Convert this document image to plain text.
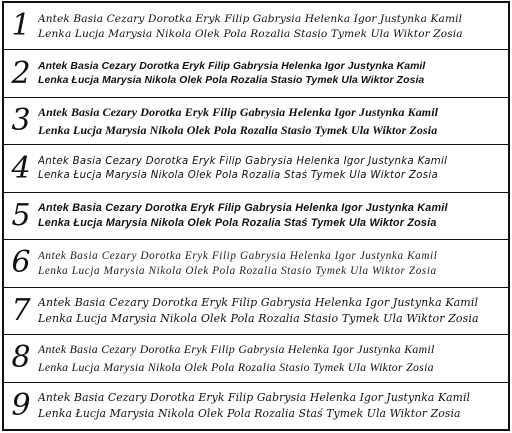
1 Antek Basia Cezary Dorotka Eryk Filip Gabrysia Helenka Igor Justynka Kamil
Lenka Lucja Marysia Nikola Olek Pola Rozalia Stasio Tymek Ula Wiktor Zosia
2 Antek Basia Cezary Dorotka Eryk Filip Gabrysia Helenka Igor Justynka Kamil
Lenka Łucja Marysia Nikola Olek Pola Rozalia Stasio Tymek Ula Wiktor Zosia
3 Antek Basia Cezary Dorotka Eryk Filip Gabrysia Helenka Igor Justynka Kamil
Lenka Lucja Marysia Nikola Olek Pola Rozalia Stasio Tymek Ula Wiktor Zosia
4 Antek Basia Cezary Dorotka Eryk Filip Gabrysia Helenka Igor Justynka Kamil
Lenka Łucja Marysia Nikola Olek Pola Rozalia Staś Tymek Ula Wiktor Zosia
5 Antek Basia Cezary Dorotka Eryk Filip Gabrysia Helenka Igor Justynka Kamil
Lenka Łucja Marysia Nikola Olek Pola Rozalia Staś Tymek Ula Wiktor Zosia
6 Antek Basia Cezary Dorotka Eryk Filip Gabrysia Helenka Igor Justynka Kamil
Lenka Lucja Marysia Nikola Olek Pola Rozalia Stasio Tymek Ula Wiktor Zosia
7 Antek Basia Cezary Dorotka Eryk Filip Gabrysia Helenka Igor Justynka Kamil
Lenka Lucja Marysia Nikola Olek Pola Rozalia Stasio Tymek Ula Wiktor Zosia
8 Antek Basia Cezary Dorotka Eryk Filip Gabrysia Helenka Igor Justynka Kamil
Lenka Lucja Marysia Nikola Olek Pola Rozalia Stasio Tymek Ula Wiktor Zosia
9 Antek Basia Cezary Dorotka Eryk Filip Gabrysia Helenka Igor Justynka Kamil
Lenka Łucja Marysia Nikola Olek Pola Rozalia Staś Tymek Ula Wiktor Zosia
